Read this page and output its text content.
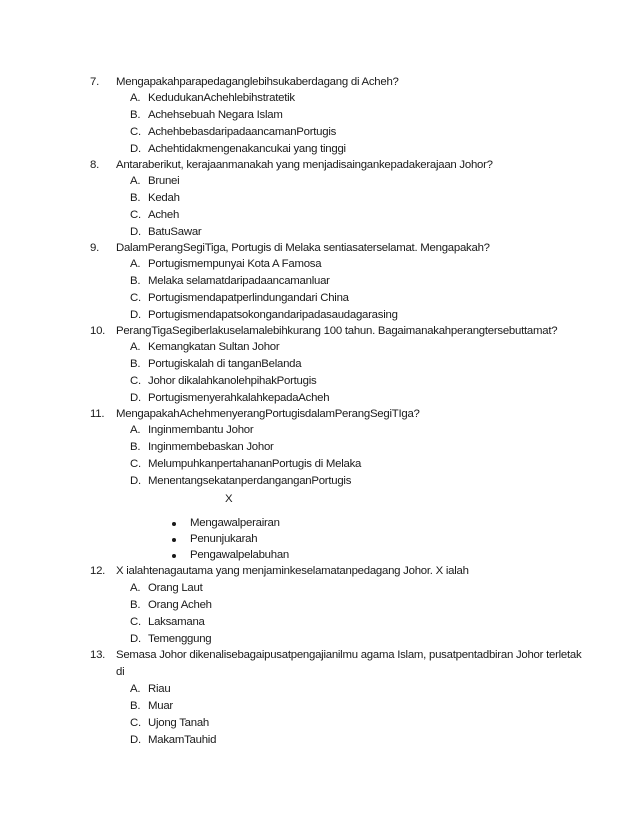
7. Mengapakahparapedaganglebihsukaberdagang di Acheh?
A. KedudukanAchehlebihstratetik
B. Achehsebuah Negara Islam
C. AchehbebasdaripadaancamanPortugis
D. Achehtidakmengenakancukai yang tinggi
8. Antaraberikut, kerajaanmanakah yang menjadisaingankepadakerajaan Johor?
A. Brunei
B. Kedah
C. Acheh
D. BatuSawar
9. DalamPerangSegiTiga, Portugis di Melaka sentiasaterselamat. Mengapakah?
A. Portugismempunyai Kota A Famosa
B. Melaka selamatdaripadaancamanluar
C. Portugismendapatperlindungandari China
D. Portugismendapatsokongandaripadasaudagarasing
10. PerangTigaSegiberlakuselamalebihkurang 100 tahun. Bagaimanakahperangtersebuttamat?
A. Kemangkatan Sultan Johor
B. Portugiskalah di tanganBelanda
C. Johor dikalahkanolehpihakPortugis
D. PortugismenyerahkalahkepadaAcheh
11. MengapakahAchehmenyerangPortugisdalamPerangSegiTIga?
A. Inginmembantu Johor
B. Inginmembebaskan Johor
C. MelumpuhkanpertahananPortugis di Melaka
D. MenentangsekatanperdanganganPortugis
X
Mengawalperairan
Penunjukarah
Pengawalpelabuhan
12. X ialahtenagautama yang menjaminkeselamatanpedagang Johor. X ialah
A. Orang Laut
B. Orang Acheh
C. Laksamana
D. Temenggung
13. Semasa Johor dikenalisebagaipusatpengajianilmu agama Islam, pusatpentadbiran Johor terletak
di
A. Riau
B. Muar
C. Ujong Tanah
D. MakamTauhid
